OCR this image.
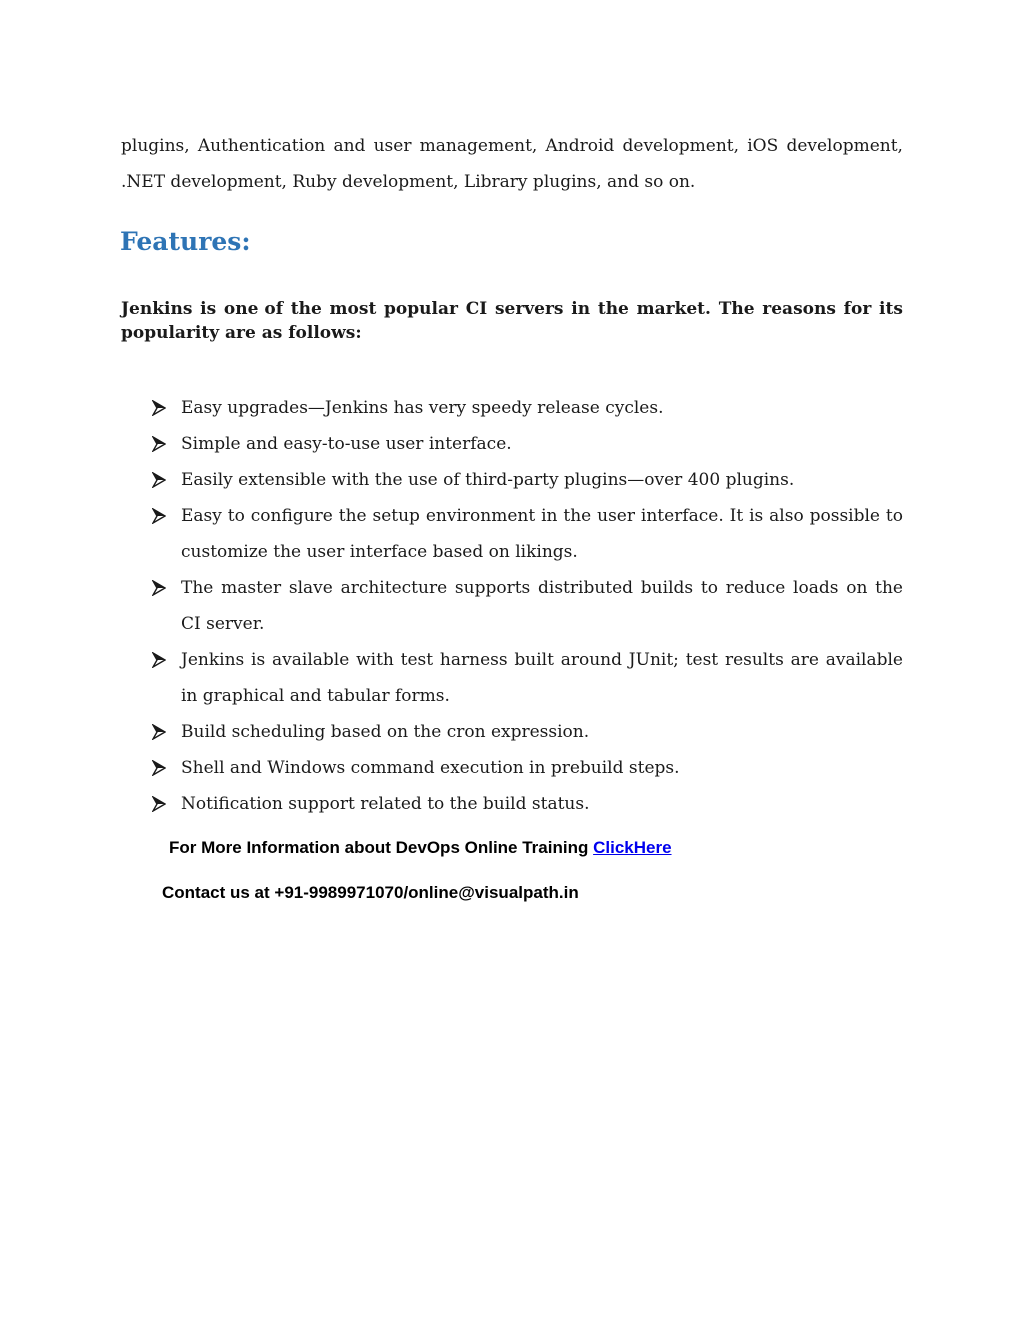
plugins, Authentication and user management, Android development, iOS development,
.NET development, Ruby development, Library plugins, and so on.
Features:

Jenkins is one of the most popular CI servers in the market. The reasons for its
popularity are as follows:

Easy upgrades—Jenkins has very speedy release cycles.
Simple and easy-to-use user interface.
Easily extensible with the use of third-party plugins—over 400 plugins.
Easy to configure the setup environment in the user interface. It is also possible to
customize the user interface based on likings.
The master slave architecture supports distributed builds to reduce loads on the
CI server.
Jenkins is available with test harness built around JUnit; test results are available
in graphical and tabular forms.
Build scheduling based on the cron expression.
Shell and Windows command execution in prebuild steps.
Notification support related to the build status.
For More Information about DevOps Online Training ClickHere
Contact us at +91-9989971070/online@visualpath.in
